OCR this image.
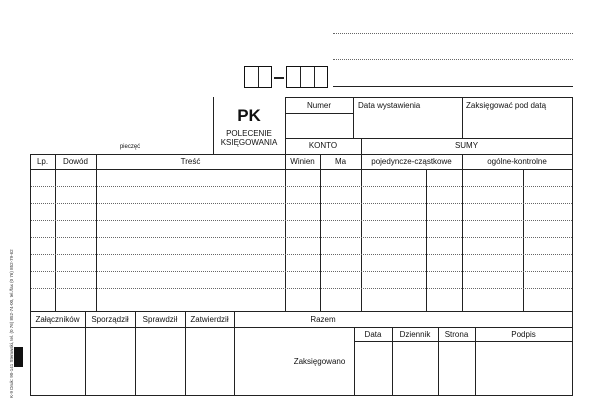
PK
POLECENIE
KSIĘGOWANIA
pieczęć
Numer	Data wystawienia	Zaksięgować pod datą
KONTO	SUMY
Lp.	Dowód	Treść	Winien	Ma	pojedyncze-cząstkowe	ogólne-kontrolne
Załączników	Sporządził	Sprawdził	Zatwierdził	Razem
Zaksięgowano
Data	Dziennik	Strona	Podpis
K-9 Druk: 90-141 Stemwski, tel. (0 76) 852-74-00, tel./fax (0 76) 852-79-62
